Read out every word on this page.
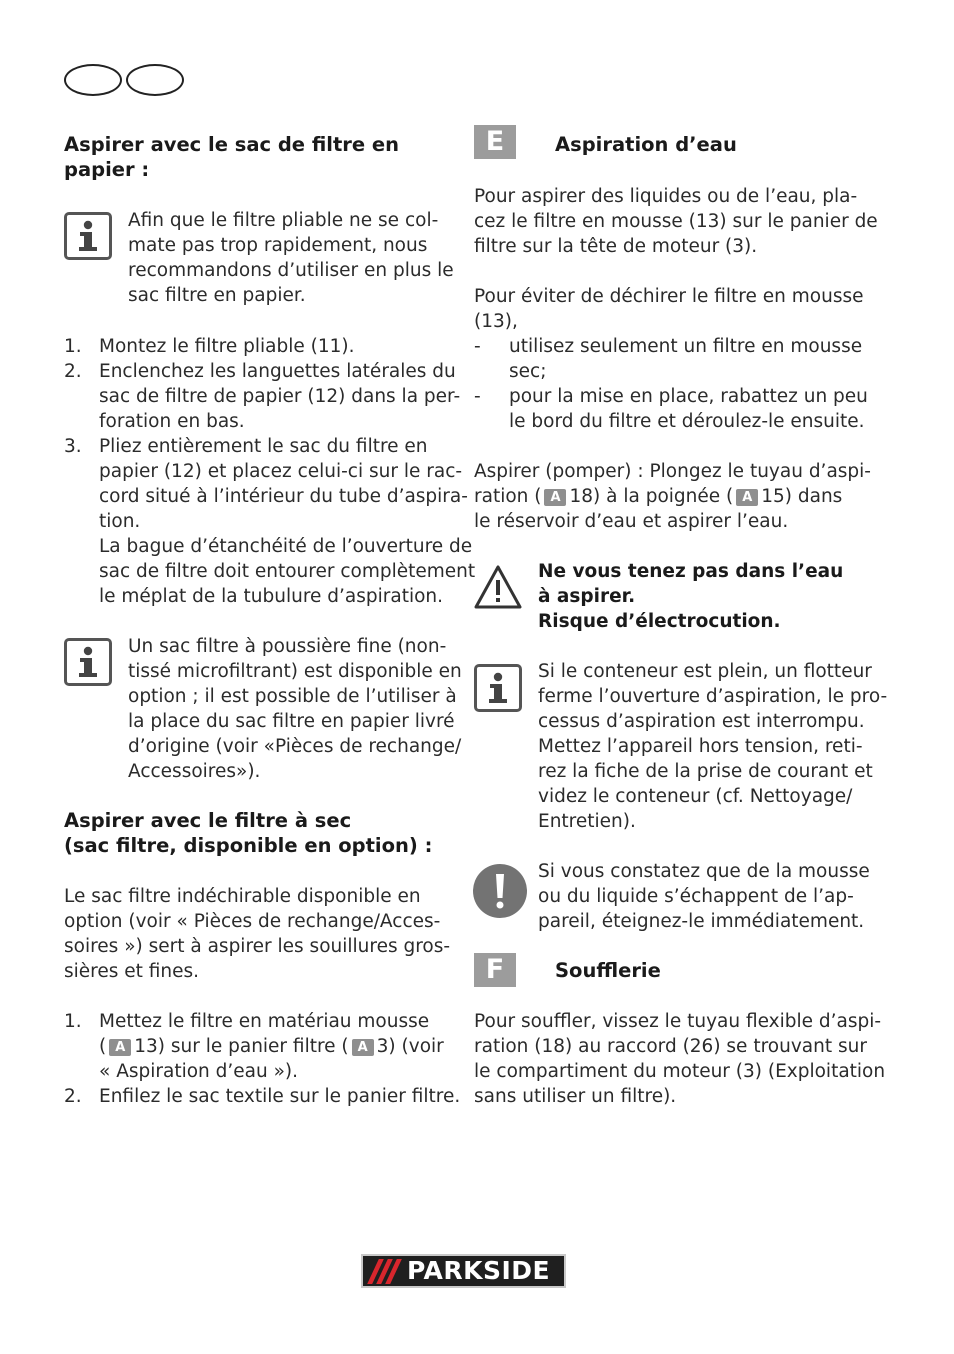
Aspirer avec le sac de filtre en
papier :
Afin que le filtre pliable ne se col-
mate pas trop rapidement, nous
recommandons d’utiliser en plus le
sac filtre en papier.
1. Montez le filtre pliable (11).
2. Enclenchez les languettes latérales du
sac de filtre de papier (12) dans la per-
foration en bas.
3. Pliez entièrement le sac du filtre en
papier (12) et placez celui-ci sur le rac-
cord situé à l’intérieur du tube d’aspira-
tion.
La bague d’étanchéité de l’ouverture de
sac de filtre doit entourer complètement
le méplat de la tubulure d’aspiration.
Un sac filtre à poussière fine (non-
tissé microfiltrant) est disponible en
option ; il est possible de l’utiliser à
la place du sac filtre en papier livré
d’origine (voir «Pièces de rechange/
Accessoires»).
Aspirer avec le filtre à sec
(sac filtre, disponible en option) :
Le sac filtre indéchirable disponible en
option (voir « Pièces de rechange/Acces-
soires ») sert à aspirer les souillures gros-
sières et fines.
1. Mettez le filtre en matériau mousse
( A 13) sur le panier filtre ( A 3) (voir
« Aspiration d’eau »).
2. Enfilez le sac textile sur le panier filtre.
E	Aspiration d’eau
Pour aspirer des liquides ou de l’eau, pla-
cez le filtre en mousse (13) sur le panier de
filtre sur la tête de moteur (3).
Pour éviter de déchirer le filtre en mousse
(13),
- utilisez seulement un filtre en mousse
sec;
- pour la mise en place, rabattez un peu
le bord du filtre et déroulez-le ensuite.
Aspirer (pomper) : Plongez le tuyau d’aspi-
ration ( A 18) à la poignée ( A 15) dans
le réservoir d’eau et aspirer l’eau.
Ne vous tenez pas dans l’eau
à aspirer.
Risque d’électrocution.
Si le conteneur est plein, un flotteur
ferme l’ouverture d’aspiration, le pro-
cessus d’aspiration est interrompu.
Mettez l’appareil hors tension, reti-
rez la fiche de la prise de courant et
videz le conteneur (cf. Nettoyage/
Entretien).
Si vous constatez que de la mousse
ou du liquide s’échappent de l’ap-
pareil, éteignez-le immédiatement.
F	Soufflerie
Pour souffler, vissez le tuyau flexible d’aspi-
ration (18) au raccord (26) se trouvant sur
le compartiment du moteur (3) (Exploitation
sans utiliser un filtre).
PARKSIDE
